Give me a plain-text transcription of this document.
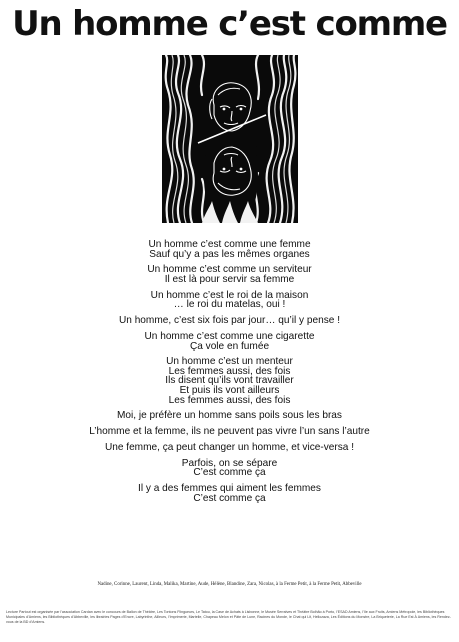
Un homme c’est comme
Un homme c’est comme une femme
Sauf qu’y a pas les mêmes organes
Un homme c’est comme un serviteur
Il est là pour servir sa femme
Un homme c’est le roi de la maison
… le roi du matelas, oui !
Un homme, c’est six fois par jour… qu’il y pense !
Un homme c’est comme une cigarette
Ça vole en fumée
Un homme c’est un menteur
Les femmes aussi, des fois
Ils disent qu’ils vont travailler
Et puis ils vont ailleurs
Les femmes aussi, des fois
Moi, je préfère un homme sans poils sous les bras
L’homme et la femme, ils ne peuvent pas vivre l’un sans l’autre
Une femme, ça peut changer un homme, et vice-versa !
Parfois, on se sépare
C’est comme ça
Il y a des femmes qui aiment les femmes
C’est comme ça
Nadine, Corinne, Laurent, Linda, Malika, Martine, Aude, Hélène, Blandine, Zara, Nicolas, à la Ferme Petit, à la Ferme Petit, Abbeville
Lecture Partout est organisée par l’association Cardan avec le concours de Ballon de Théâtre, Les Tontons Flingueurs, Le Tatou, la Case de Achats à Lisbonne, le Musée Serralves et Théâtre Bolhão à Porto, l’ESAD Amiens, l’Ile aux Fruits, Amiens Métropole, les Bibliothèques Municipales d’Amiens, les Bibliothèques d’Abbeville, les librairies Pages d’Encre, Labyrinthe, Ailleurs, l’Imprimerie, Martelle, Chapeau Melon et Pâte de Lune, Racines du Monde, le Chat qui Lit, Hellozaza, Les Éditions du Monstre, La Briqueterie, La Rue Est À Amiens, les Rendez-vous de la BD d’Amiens.
